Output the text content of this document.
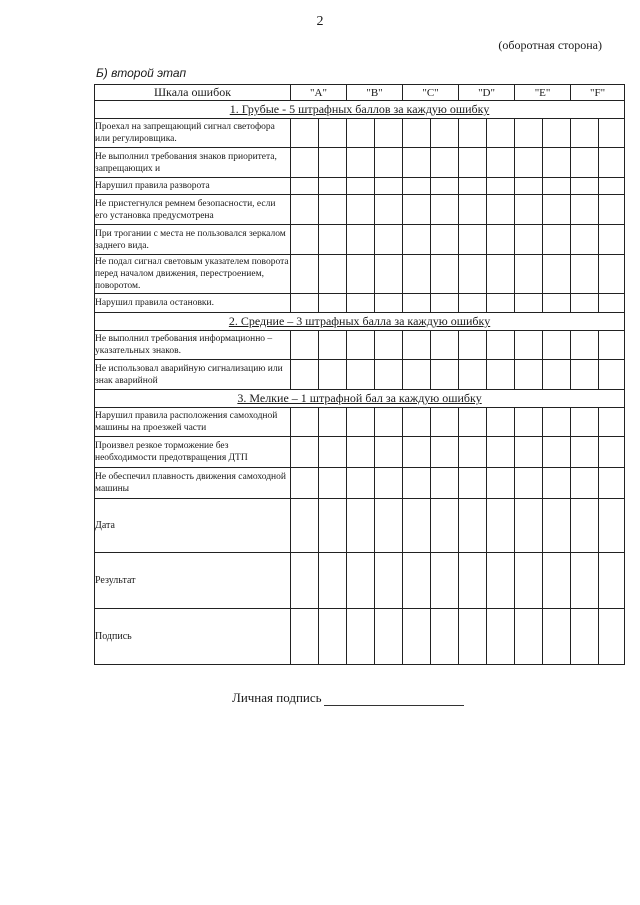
2
(оборотная сторона)
Б) второй этап
Шкала ошибок	"A"		"B"		"C"		"D"		"E"		"F"	
1. Грубые - 5 штрафных баллов за каждую ошибку												
Проехал на запрещающий сигнал светофора или регулировщика.												
Не выполнил требования знаков приоритета, запрещающих и												
Нарушил правила разворота												
Не пристегнулся ремнем безопасности, если его установка предусмотрена												
При трогании с места не пользовался зеркалом заднего вида.												
Не подал сигнал световым указателем поворота перед началом движения, перестроением, поворотом.												
Нарушил правила остановки.												
2. Средние – 3 штрафных балла за каждую ошибку												
Не выполнил требования информационно – указательных знаков.												
Не использовал аварийную сигнализацию или знак аварийной												
3. Мелкие – 1 штрафной бал за каждую ошибку												
Нарушил правила расположения самоходной машины на проезжей части												
Произвел резкое торможение без необходимости предотвращения ДТП												
Не обеспечил плавность движения самоходной машины												
Дата												
Результат												
Подпись												
Личная подпись
